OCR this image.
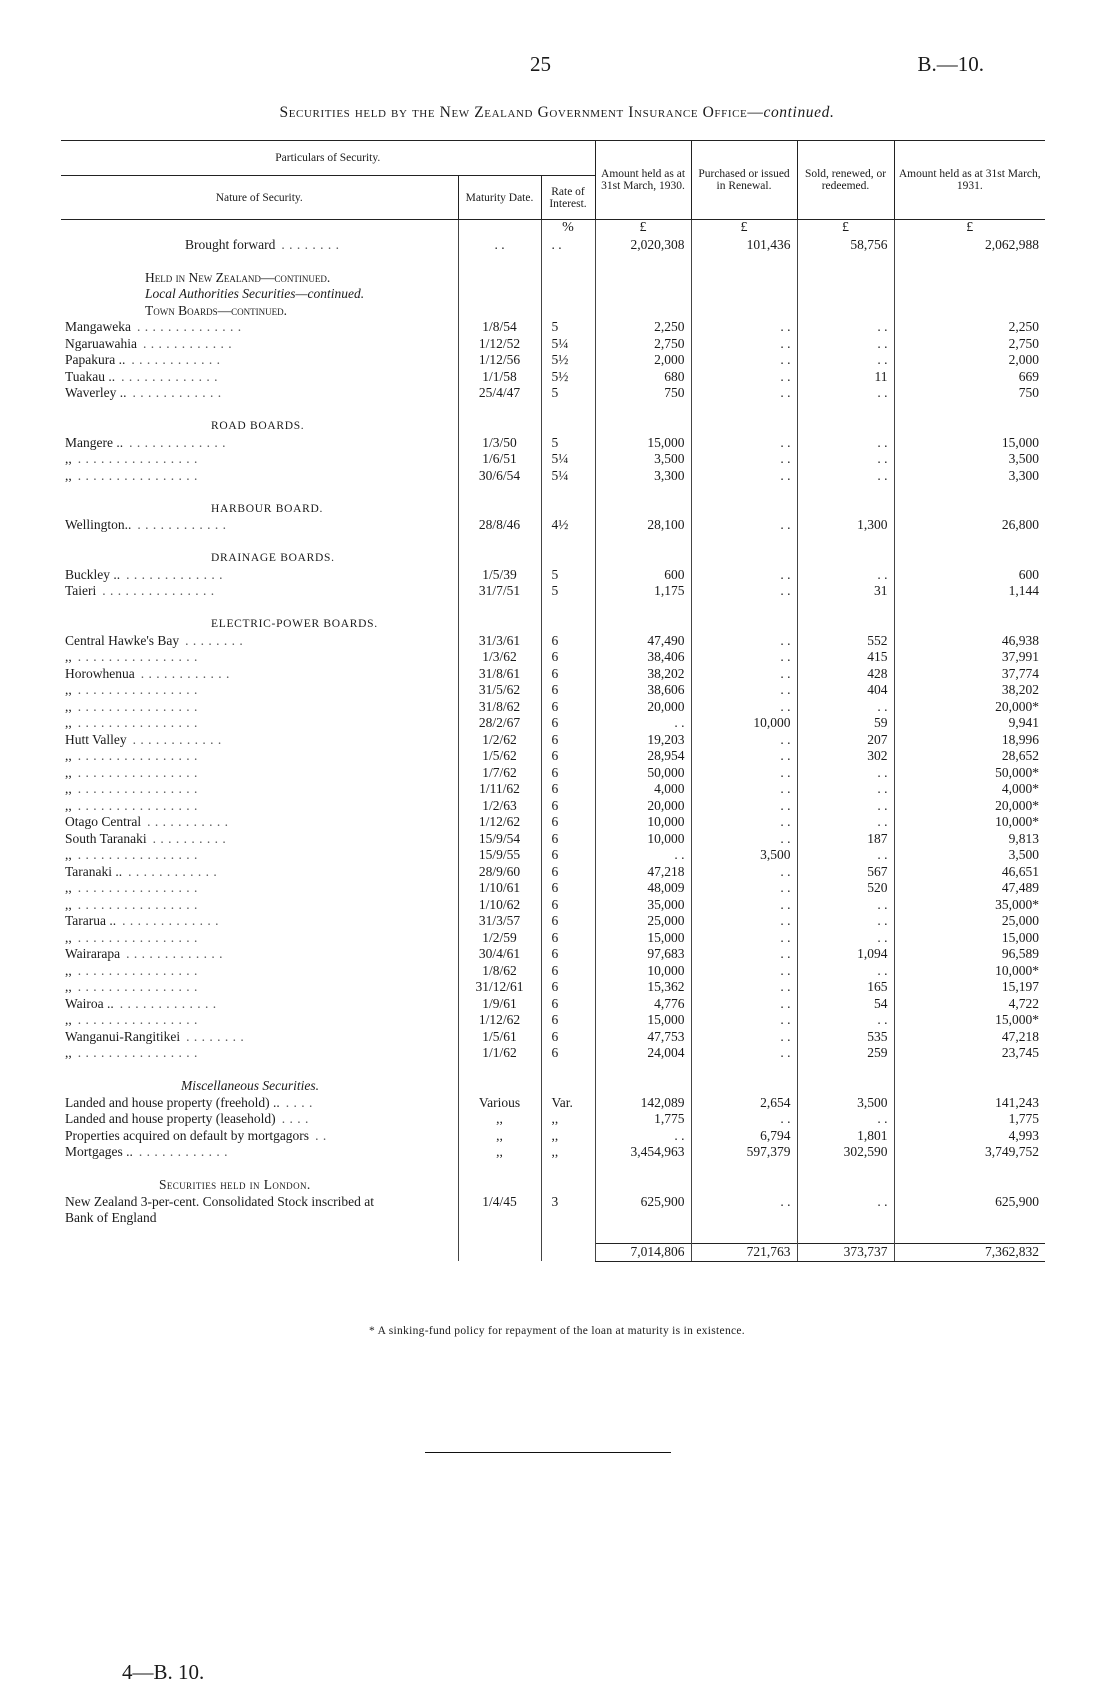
25	B.—10.
Securities held by the New Zealand Government Insurance Office—continued.
Particulars of Security.			Amount held as at 31st March, 1930.	Purchased or issued in Renewal.	Sold, renewed, or redeemed.	Amount held as at 31st March, 1931.
Nature of Security.	Maturity Date.	Rate of Interest.				
		%	£	£	£	£
Brought forward . . . . . . . .	. .	. .	2,020,308	101,436	58,756	2,062,988

Held in New Zealand—continued.						
Local Authorities Securities—continued.						
Town Boards—continued.						
Mangaweka . . . . . . . . . . . . . .	1/8/54	5	2,250	. .	. .	2,250
Ngaruawahia . . . . . . . . . . . .	1/12/52	5¼	2,750	. .	. .	2,750
Papakura .. . . . . . . . . . . . .	1/12/56	5½	2,000	. .	. .	2,000
Tuakau .. . . . . . . . . . . . . .	1/1/58	5½	680	. .	11	669
Waverley .. . . . . . . . . . . . .	25/4/47	5	750	. .	. .	750

ROAD BOARDS.						
Mangere .. . . . . . . . . . . . . .	1/3/50	5	15,000	. .	. .	15,000
,, . . . . . . . . . . . . . . . .	1/6/51	5¼	3,500	. .	. .	3,500
,, . . . . . . . . . . . . . . . .	30/6/54	5¼	3,300	. .	. .	3,300

HARBOUR BOARD.						
Wellington.. . . . . . . . . . . . .	28/8/46	4½	28,100	. .	1,300	26,800

DRAINAGE BOARDS.						
Buckley .. . . . . . . . . . . . . .	1/5/39	5	600	. .	. .	600
Taieri . . . . . . . . . . . . . . .	31/7/51	5	1,175	. .	31	1,144

ELECTRIC-POWER BOARDS.						
Central Hawke's Bay . . . . . . . .	31/3/61	6	47,490	. .	552	46,938
,, . . . . . . . . . . . . . . . .	1/3/62	6	38,406	. .	415	37,991
Horowhenua . . . . . . . . . . . .	31/8/61	6	38,202	. .	428	37,774
,, . . . . . . . . . . . . . . . .	31/5/62	6	38,606	. .	404	38,202
,, . . . . . . . . . . . . . . . .	31/8/62	6	20,000	. .	. .	20,000*
,, . . . . . . . . . . . . . . . .	28/2/67	6	. .	10,000	59	9,941
Hutt Valley . . . . . . . . . . . .	1/2/62	6	19,203	. .	207	18,996
,, . . . . . . . . . . . . . . . .	1/5/62	6	28,954	. .	302	28,652
,, . . . . . . . . . . . . . . . .	1/7/62	6	50,000	. .	. .	50,000*
,, . . . . . . . . . . . . . . . .	1/11/62	6	4,000	. .	. .	4,000*
,, . . . . . . . . . . . . . . . .	1/2/63	6	20,000	. .	. .	20,000*
Otago Central . . . . . . . . . . .	1/12/62	6	10,000	. .	. .	10,000*
South Taranaki . . . . . . . . . .	15/9/54	6	10,000	. .	187	9,813
,, . . . . . . . . . . . . . . . .	15/9/55	6	. .	3,500	. .	3,500
Taranaki .. . . . . . . . . . . . .	28/9/60	6	47,218	. .	567	46,651
,, . . . . . . . . . . . . . . . .	1/10/61	6	48,009	. .	520	47,489
,, . . . . . . . . . . . . . . . .	1/10/62	6	35,000	. .	. .	35,000*
Tararua .. . . . . . . . . . . . . .	31/3/57	6	25,000	. .	. .	25,000
,, . . . . . . . . . . . . . . . .	1/2/59	6	15,000	. .	. .	15,000
Wairarapa . . . . . . . . . . . . .	30/4/61	6	97,683	. .	1,094	96,589
,, . . . . . . . . . . . . . . . .	1/8/62	6	10,000	. .	. .	10,000*
,, . . . . . . . . . . . . . . . .	31/12/61	6	15,362	. .	165	15,197
Wairoa .. . . . . . . . . . . . . .	1/9/61	6	4,776	. .	54	4,722
,, . . . . . . . . . . . . . . . .	1/12/62	6	15,000	. .	. .	15,000*
Wanganui-Rangitikei . . . . . . . .	1/5/61	6	47,753	. .	535	47,218
,, . . . . . . . . . . . . . . . .	1/1/62	6	24,004	. .	259	23,745

Miscellaneous Securities.						
Landed and house property (freehold) .. . . . .	Various	Var.	142,089	2,654	3,500	141,243
Landed and house property (leasehold) . . . .	,,	,,	1,775	. .	. .	1,775
Properties acquired on default by mortgagors . .	,,	,,	. .	6,794	1,801	4,993
Mortgages .. . . . . . . . . . . . .	,,	,,	3,454,963	597,379	302,590	3,749,752

Securities held in London.						
New Zealand 3-per-cent. Consolidated Stock inscribed at	1/4/45	3	625,900	. .	. .	625,900
Bank of England						

			7,014,806	721,763	373,737	7,362,832
* A sinking-fund policy for repayment of the loan at maturity is in existence.
4—B. 10.
